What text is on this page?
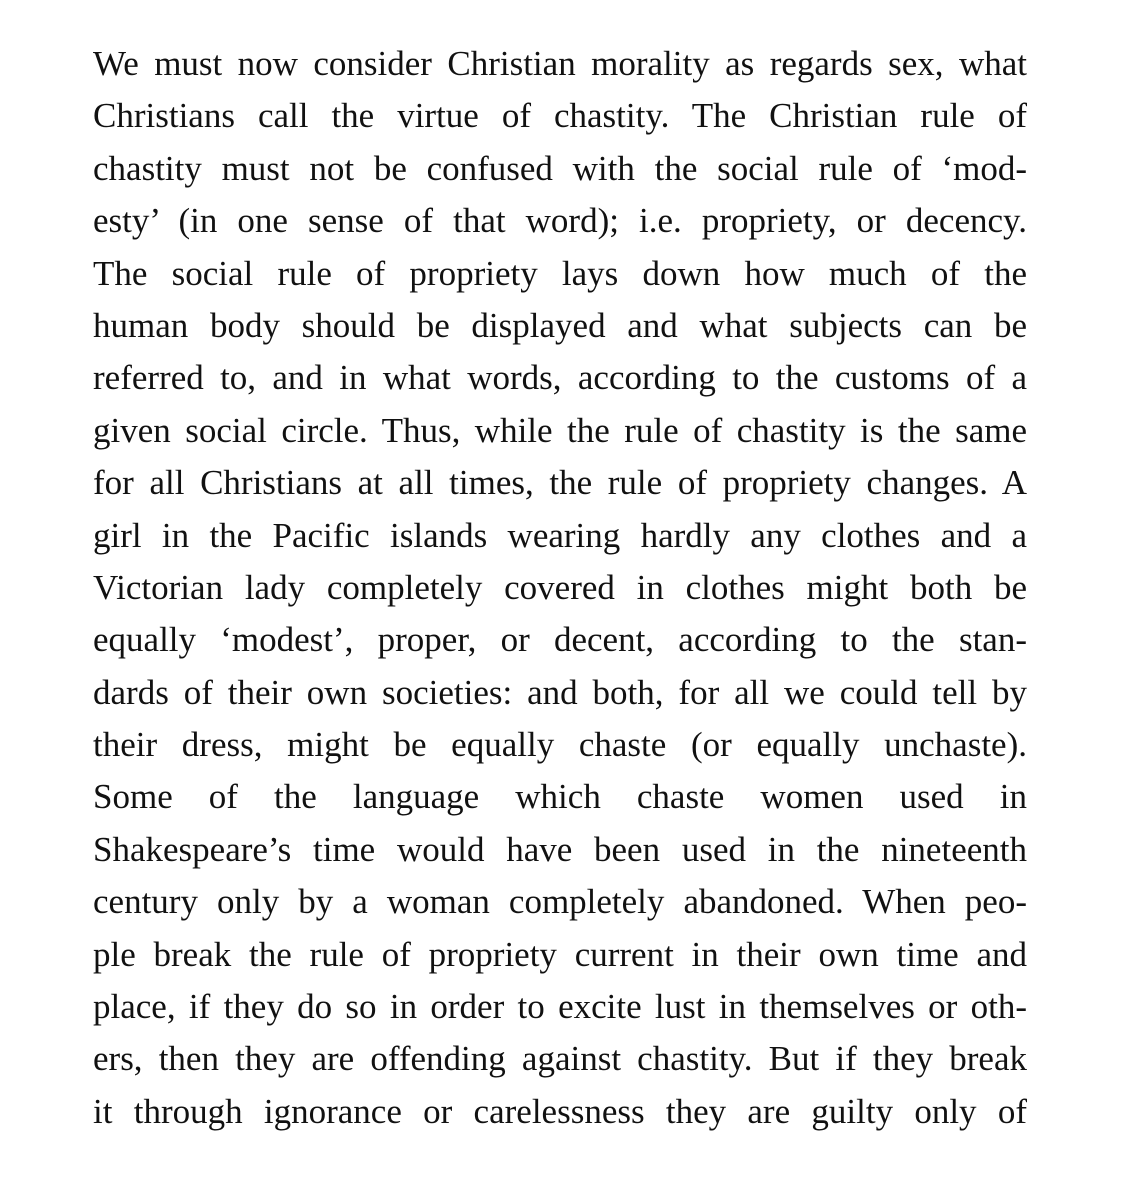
We must now consider Christian morality as regards sex, what
Christians call the virtue of chastity. The Christian rule of
chastity must not be confused with the social rule of ‘mod-
esty’ (in one sense of that word); i.e. propriety, or decency.
The social rule of propriety lays down how much of the
human body should be displayed and what subjects can be
referred to, and in what words, according to the customs of a
given social circle. Thus, while the rule of chastity is the same
for all Christians at all times, the rule of propriety changes. A
girl in the Pacific islands wearing hardly any clothes and a
Victorian lady completely covered in clothes might both be
equally ‘modest’, proper, or decent, according to the stan-
dards of their own societies: and both, for all we could tell by
their dress, might be equally chaste (or equally unchaste).
Some of the language which chaste women used in
Shakespeare’s time would have been used in the nineteenth
century only by a woman completely abandoned. When peo-
ple break the rule of propriety current in their own time and
place, if they do so in order to excite lust in themselves or oth-
ers, then they are offending against chastity. But if they break
it through ignorance or carelessness they are guilty only of
